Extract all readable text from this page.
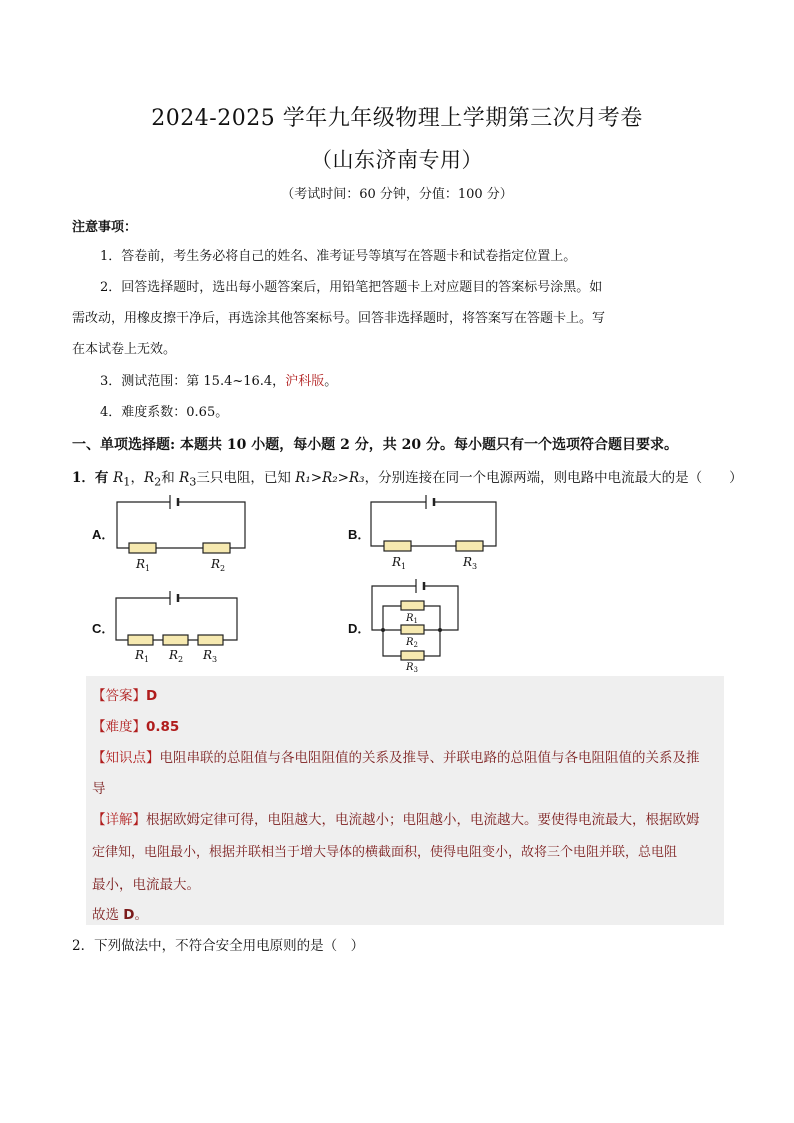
2024-2025 学年九年级物理上学期第三次月考卷
（山东济南专用）
（考试时间：60 分钟，分值：100 分）
注意事项：
1．答卷前，考生务必将自己的姓名、准考证号等填写在答题卡和试卷指定位置上。
2．回答选择题时，选出每小题答案后，用铅笔把答题卡上对应题目的答案标号涂黑。如
需改动，用橡皮擦干净后，再选涂其他答案标号。回答非选择题时，将答案写在答题卡上。写
在本试卷上无效。
3．测试范围：第 15.4~16.4，沪科版。
4．难度系数：0.65。
一、单项选择题: 本题共 10 小题，每小题 2 分，共 20 分。每小题只有一个选项符合题目要求。
1．有 $R_1$，$R_2$和 $R_3$三只电阻，已知 R₁>R₂>R₃，分别连接在同一个电源两端，则电路中电流最大的是（　　）
A．	B．
C．	D．
$R_1$	$R_2$	$R_1$	$R_3$
$R_1$ $R_2$ $R_3$
$R_1$
$R_2$
$R_3$
【答案】D
【难度】0.85
【知识点】电阻串联的总阻值与各电阻阻值的关系及推导、并联电路的总阻值与各电阻阻值的关系及推
导
【详解】根据欧姆定律可得，电阻越大，电流越小；电阻越小，电流越大。要使得电流最大，根据欧姆
定律知，电阻最小，根据并联相当于增大导体的横截面积，使得电阻变小，故将三个电阻并联，总电阻
最小，电流最大。
故选 D。
2．下列做法中，不符合安全用电原则的是（　）
